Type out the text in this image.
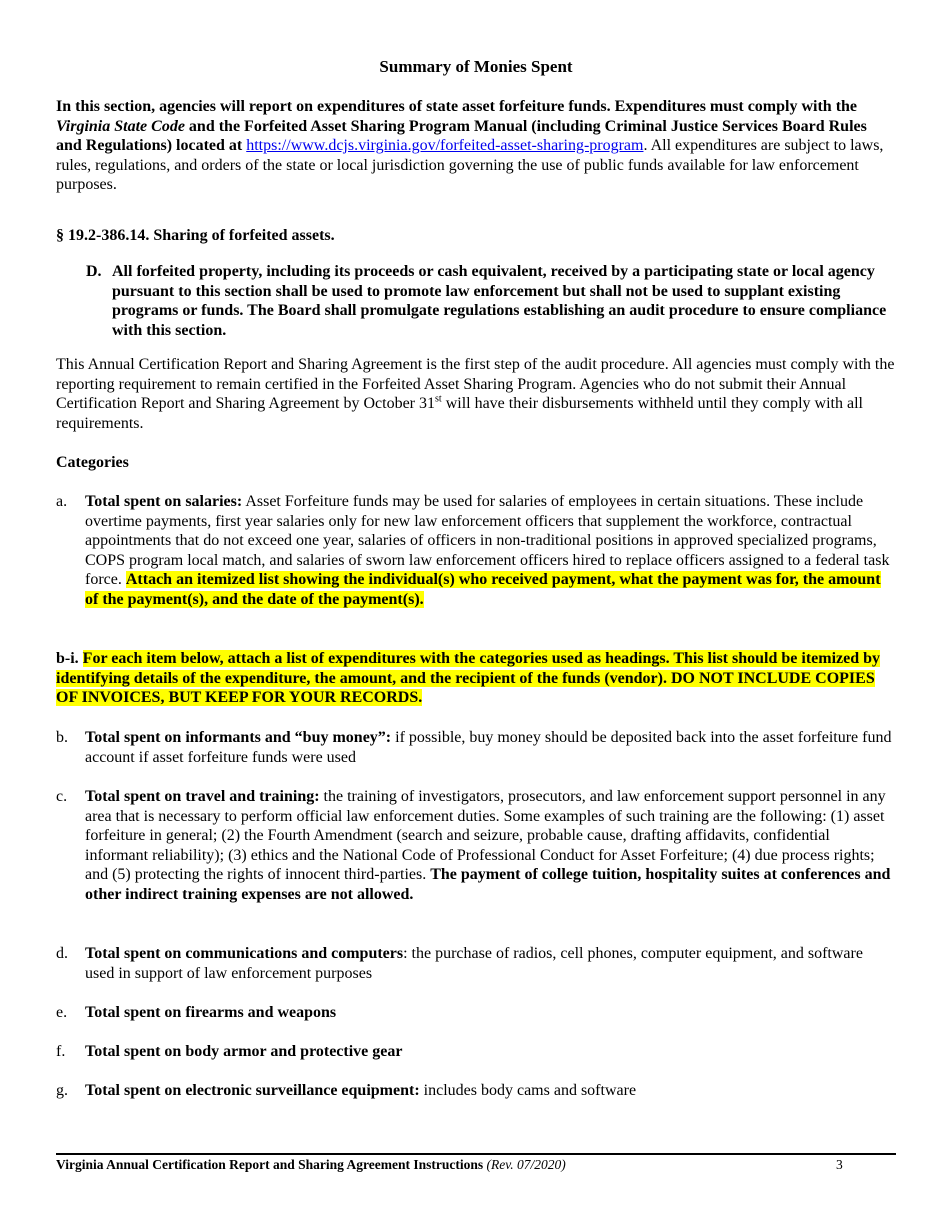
Summary of Monies Spent
In this section, agencies will report on expenditures of state asset forfeiture funds. Expenditures must comply with the Virginia State Code and the Forfeited Asset Sharing Program Manual (including Criminal Justice Services Board Rules and Regulations) located at https://www.dcjs.virginia.gov/forfeited-asset-sharing-program. All expenditures are subject to laws, rules, regulations, and orders of the state or local jurisdiction governing the use of public funds available for law enforcement purposes.
§ 19.2-386.14. Sharing of forfeited assets.
D. All forfeited property, including its proceeds or cash equivalent, received by a participating state or local agency pursuant to this section shall be used to promote law enforcement but shall not be used to supplant existing programs or funds. The Board shall promulgate regulations establishing an audit procedure to ensure compliance with this section.
This Annual Certification Report and Sharing Agreement is the first step of the audit procedure. All agencies must comply with the reporting requirement to remain certified in the Forfeited Asset Sharing Program. Agencies who do not submit their Annual Certification Report and Sharing Agreement by October 31st will have their disbursements withheld until they comply with all requirements.
Categories
a.	Total spent on salaries: Asset Forfeiture funds may be used for salaries of employees in certain situations. These include overtime payments, first year salaries only for new law enforcement officers that supplement the workforce, contractual appointments that do not exceed one year, salaries of officers in non-traditional positions in approved specialized programs, COPS program local match, and salaries of sworn law enforcement officers hired to replace officers assigned to a federal task force. Attach an itemized list showing the individual(s) who received payment, what the payment was for, the amount of the payment(s), and the date of the payment(s).
b-i. For each item below, attach a list of expenditures with the categories used as headings. This list should be itemized by identifying details of the expenditure, the amount, and the recipient of the funds (vendor). DO NOT INCLUDE COPIES OF INVOICES, BUT KEEP FOR YOUR RECORDS.
b.	Total spent on informants and “buy money”: if possible, buy money should be deposited back into the asset forfeiture fund account if asset forfeiture funds were used
c.	Total spent on travel and training: the training of investigators, prosecutors, and law enforcement support personnel in any area that is necessary to perform official law enforcement duties. Some examples of such training are the following: (1) asset forfeiture in general; (2) the Fourth Amendment (search and seizure, probable cause, drafting affidavits, confidential informant reliability); (3) ethics and the National Code of Professional Conduct for Asset Forfeiture; (4) due process rights; and (5) protecting the rights of innocent third-parties. The payment of college tuition, hospitality suites at conferences and other indirect training expenses are not allowed.
d.	Total spent on communications and computers: the purchase of radios, cell phones, computer equipment, and software used in support of law enforcement purposes
e.	Total spent on firearms and weapons
f.	Total spent on body armor and protective gear
g.	Total spent on electronic surveillance equipment: includes body cams and software
Virginia Annual Certification Report and Sharing Agreement Instructions (Rev. 07/2020)	3
